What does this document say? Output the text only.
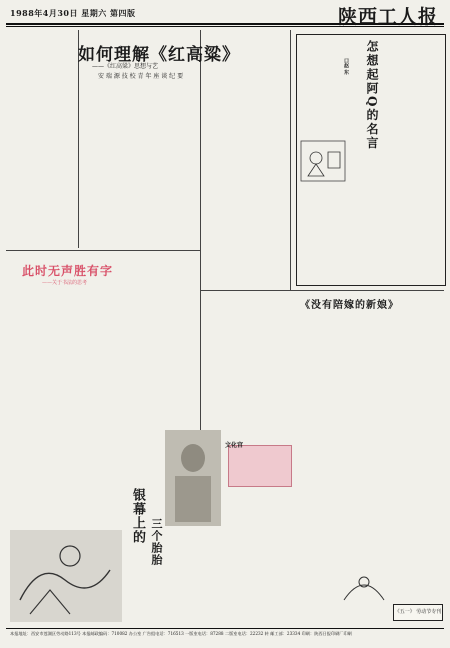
1988年4月30日 星期六 第四版	陕西工人报

如何理解《红高粱》
——《红高粱》思想与艺
安 瑞 源 技 校 青 年 座 谈 纪 要	怎想起阿Q的名言
口赵 东
此时无声胜有字
——关于书法的思考
银幕上的 三个胎胎
《没有陪嫁的新娘》
文化宫
《五一》 劳动节专刊
本报地址：西安市莲湖区劳动路113号 本报邮政编码：710082 办公室 广告组电话：716513 一版室电话：87288 二版室电话：22232 转 邮工部：23334 印刷：陕西日报印刷厂印刷
